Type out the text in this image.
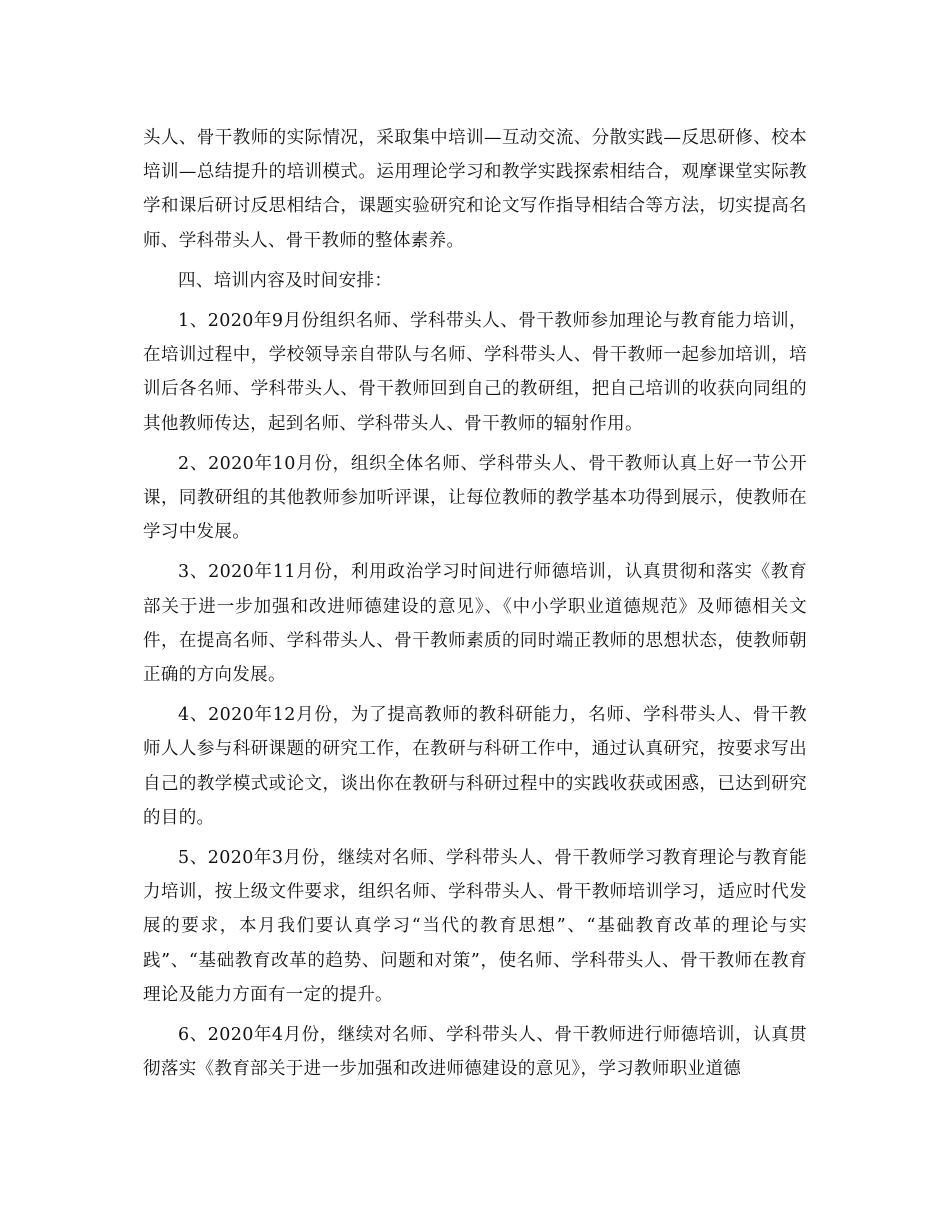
头人、骨干教师的实际情况，采取集中培训—互动交流、分散实践—反思研修、校本培训—总结提升的培训模式。运用理论学习和教学实践探索相结合，观摩课堂实际教学和课后研讨反思相结合，课题实验研究和论文写作指导相结合等方法，切实提高名师、学科带头人、骨干教师的整体素养。

四、培训内容及时间安排：

1、2020年9月份组织名师、学科带头人、骨干教师参加理论与教育能力培训，在培训过程中，学校领导亲自带队与名师、学科带头人、骨干教师一起参加培训，培训后各名师、学科带头人、骨干教师回到自己的教研组，把自己培训的收获向同组的其他教师传达，起到名师、学科带头人、骨干教师的辐射作用。

2、2020年10月份，组织全体名师、学科带头人、骨干教师认真上好一节公开课，同教研组的其他教师参加听评课，让每位教师的教学基本功得到展示，使教师在学习中发展。

3、2020年11月份，利用政治学习时间进行师德培训，认真贯彻和落实《教育部关于进一步加强和改进师德建设的意见》、《中小学职业道德规范》及师德相关文件，在提高名师、学科带头人、骨干教师素质的同时端正教师的思想状态，使教师朝正确的方向发展。

4、2020年12月份，为了提高教师的教科研能力，名师、学科带头人、骨干教师人人参与科研课题的研究工作，在教研与科研工作中，通过认真研究，按要求写出自己的教学模式或论文，谈出你在教研与科研过程中的实践收获或困惑，已达到研究的目的。

5、2020年3月份，继续对名师、学科带头人、骨干教师学习教育理论与教育能力培训，按上级文件要求，组织名师、学科带头人、骨干教师培训学习，适应时代发展的要求，本月我们要认真学习“当代的教育思想”、“基础教育改革的理论与实践”、“基础教育改革的趋势、问题和对策”，使名师、学科带头人、骨干教师在教育理论及能力方面有一定的提升。

6、2020年4月份，继续对名师、学科带头人、骨干教师进行师德培训，认真贯彻落实《教育部关于进一步加强和改进师德建设的意见》，学习教师职业道德
